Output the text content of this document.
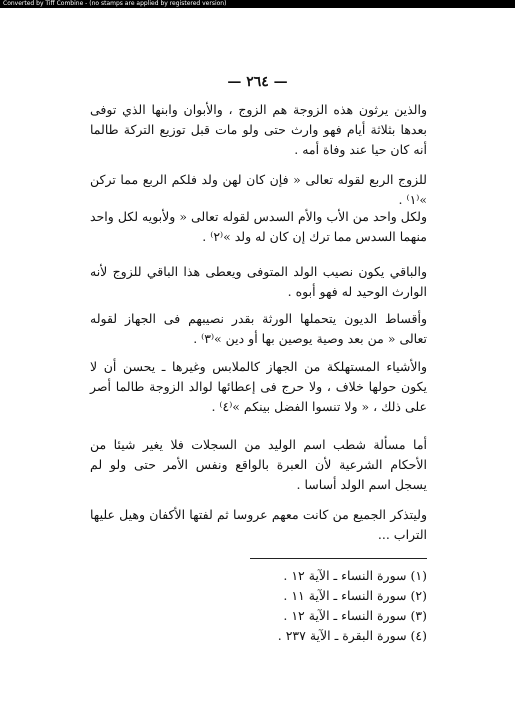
Converted by Tiff Combine - (no stamps are applied by registered version)
— ٢٦٤ —

والذين يرثون هذه الزوجة هم الزوج ، والأبوان وابنها الذي توفى بعدها بثلاثة أيام فهو وارث حتى ولو مات قبل توزيع التركة طالما أنه كان حيا عند وفاة أمه .

للزوج الربع لقوله تعالى « فإن كان لهن ولد فلكم الربع مما تركن »⁽١⁾ .

ولكل واحد من الأب والأم السدس لقوله تعالى « ولأبويه لكل واحد منهما السدس مما ترك إن كان له ولد »⁽٢⁾ .

والباقي يكون نصيب الولد المتوفى ويعطى هذا الباقي للزوج لأنه الوارث الوحيد له فهو أبوه .

وأقساط الديون يتحملها الورثة بقدر نصيبهم فى الجهاز لقوله تعالى « من بعد وصية يوصين بها أو دين »⁽٣⁾ .

والأشياء المستهلكة من الجهاز كالملابس وغيرها ـ يحسن أن لا يكون حولها خلاف ، ولا حرج فى إعطائها لوالد الزوجة طالما أصر على ذلك ، « ولا تنسوا الفضل بينكم »⁽٤⁾ .

أما مسألة شطب اسم الوليد من السجلات فلا يغير شيئا من الأحكام الشرعية لأن العبرة بالواقع ونفس الأمر حتى ولو لم يسجل اسم الولد أساسا .

وليتذكر الجميع من كانت معهم عروسا ثم لفتها الأكفان وهيل عليها التراب ...

(١) سورة النساء ـ الآية ١٢ .
(٢) سورة النساء ـ الآية ١١ .
(٣) سورة النساء ـ الآية ١٢ .
(٤) سورة البقرة ـ الآية ٢٣٧ .
